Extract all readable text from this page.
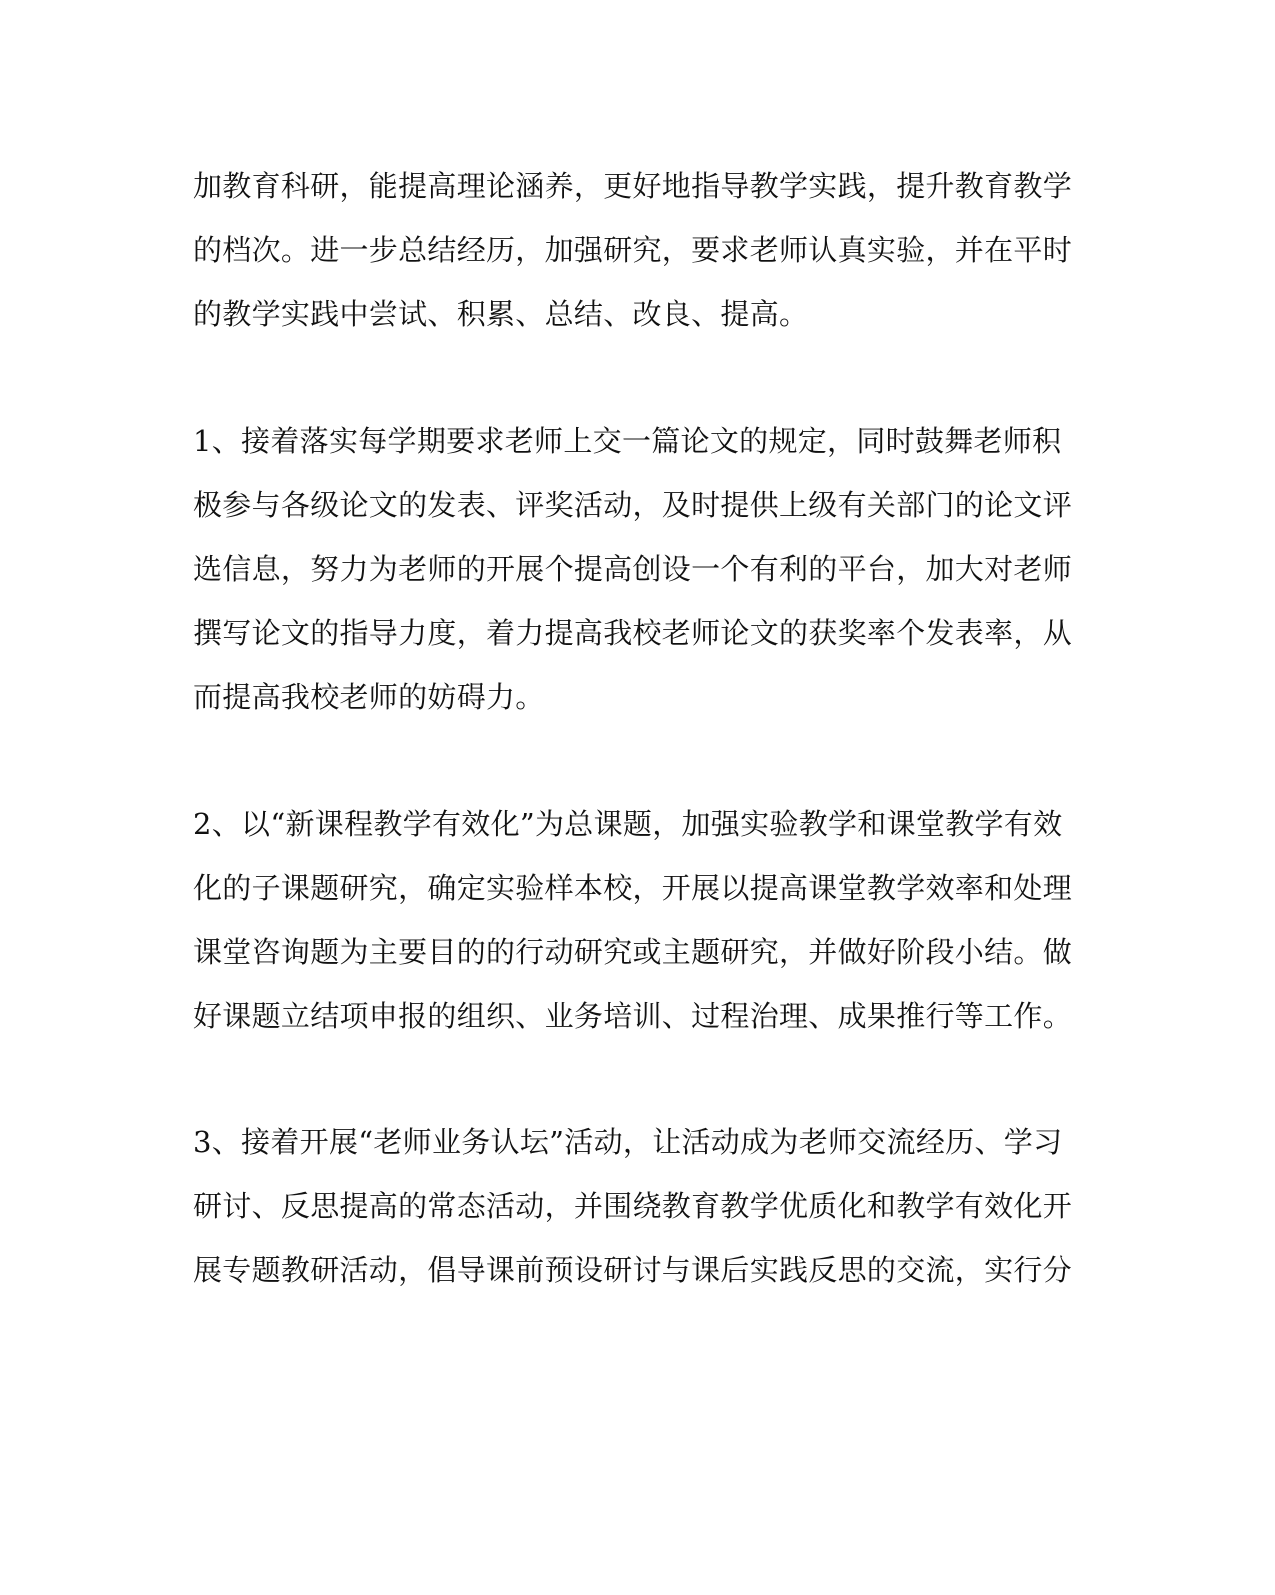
加教育科研，能提高理论涵养，更好地指导教学实践，提升教育教学
的档次。进一步总结经历，加强研究，要求老师认真实验，并在平时
的教学实践中尝试、积累、总结、改良、提高。
1、接着落实每学期要求老师上交一篇论文的规定，同时鼓舞老师积
极参与各级论文的发表、评奖活动，及时提供上级有关部门的论文评
选信息，努力为老师的开展个提高创设一个有利的平台，加大对老师
撰写论文的指导力度，着力提高我校老师论文的获奖率个发表率，从
而提高我校老师的妨碍力。
2、以“新课程教学有效化”为总课题，加强实验教学和课堂教学有效
化的子课题研究，确定实验样本校，开展以提高课堂教学效率和处理
课堂咨询题为主要目的的行动研究或主题研究，并做好阶段小结。做
好课题立结项申报的组织、业务培训、过程治理、成果推行等工作。
3、接着开展“老师业务认坛”活动，让活动成为老师交流经历、学习
研讨、反思提高的常态活动，并围绕教育教学优质化和教学有效化开
展专题教研活动，倡导课前预设研讨与课后实践反思的交流，实行分
